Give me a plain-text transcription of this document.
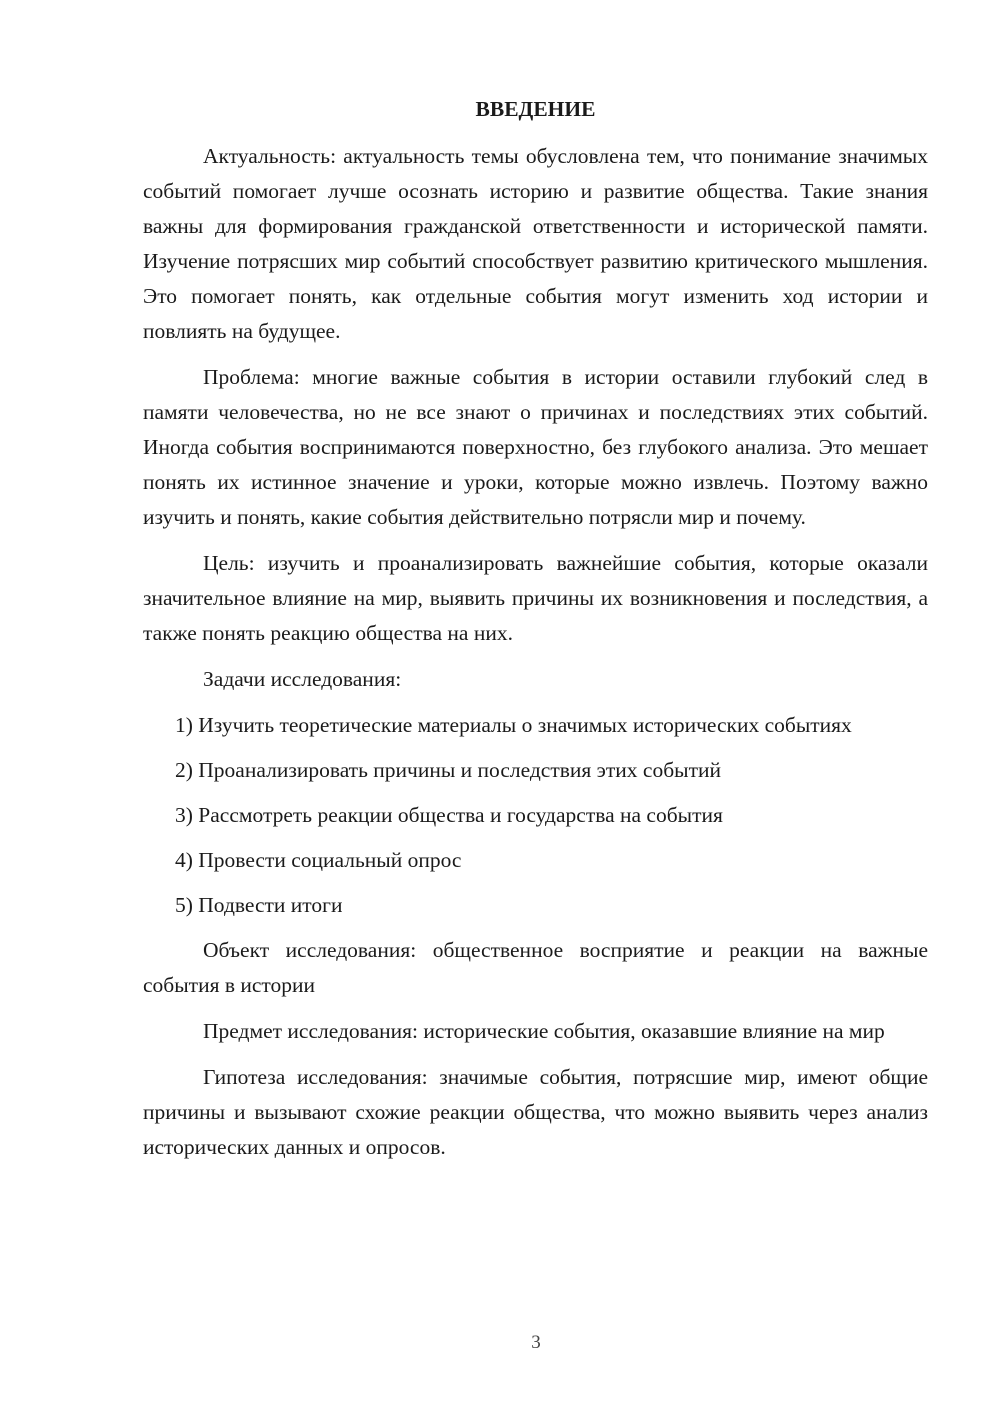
ВВЕДЕНИЕ

Актуальность: актуальность темы обусловлена тем, что понимание значимых событий помогает лучше осознать историю и развитие общества. Такие знания важны для формирования гражданской ответственности и исторической памяти. Изучение потрясших мир событий способствует развитию критического мышления. Это помогает понять, как отдельные события могут изменить ход истории и повлиять на будущее.

Проблема: многие важные события в истории оставили глубокий след в памяти человечества, но не все знают о причинах и последствиях этих событий. Иногда события воспринимаются поверхностно, без глубокого анализа. Это мешает понять их истинное значение и уроки, которые можно извлечь. Поэтому важно изучить и понять, какие события действительно потрясли мир и почему.

Цель: изучить и проанализировать важнейшие события, которые оказали значительное влияние на мир, выявить причины их возникновения и последствия, а также понять реакцию общества на них.

Задачи исследования:

1) Изучить теоретические материалы о значимых исторических событиях

2) Проанализировать причины и последствия этих событий

3) Рассмотреть реакции общества и государства на события

4) Провести социальный опрос

5) Подвести итоги

Объект исследования: общественное восприятие и реакции на важные события в истории

Предмет исследования: исторические события, оказавшие влияние на мир

Гипотеза исследования: значимые события, потрясшие мир, имеют общие причины и вызывают схожие реакции общества, что можно выявить через анализ исторических данных и опросов.

3
